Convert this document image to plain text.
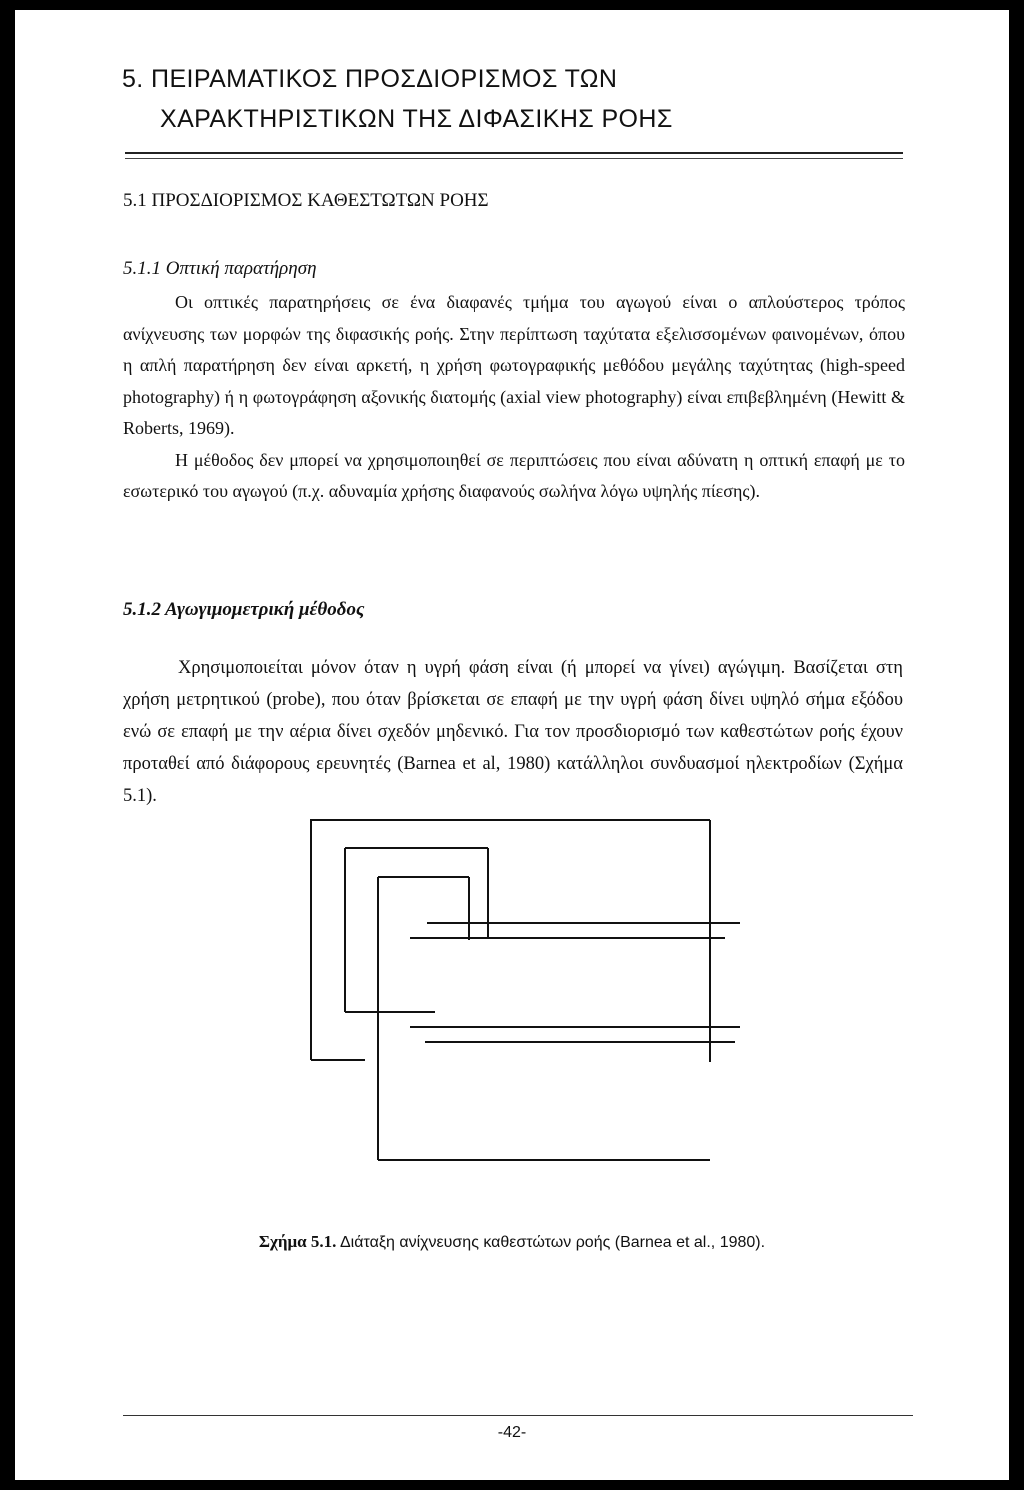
5. ΠΕΙΡΑΜΑΤΙΚΟΣ ΠΡΟΣΔΙΟΡΙΣΜΟΣ ΤΩΝ
ΧΑΡΑΚΤΗΡΙΣΤΙΚΩΝ ΤΗΣ ΔΙΦΑΣΙΚΗΣ ΡΟΗΣ
5.1 ΠΡΟΣΔΙΟΡΙΣΜΟΣ ΚΑΘΕΣΤΩΤΩΝ ΡΟΗΣ
5.1.1 Οπτική παρατήρηση

Οι οπτικές παρατηρήσεις σε ένα διαφανές τμήμα του αγωγού είναι ο απλούστερος τρόπος ανίχνευσης των μορφών της διφασικής ροής. Στην περίπτωση ταχύτατα εξελισσομένων φαινομένων, όπου η απλή παρατήρηση δεν είναι αρκετή, η χρήση φωτογραφικής μεθόδου μεγάλης ταχύτητας (high-speed photography) ή η φωτογράφηση αξονικής διατομής (axial view photography) είναι επιβεβλημένη (Hewitt & Roberts, 1969).

Η μέθοδος δεν μπορεί να χρησιμοποιηθεί σε περιπτώσεις που είναι αδύνατη η οπτική επαφή με το εσωτερικό του αγωγού (π.χ. αδυναμία χρήσης διαφανούς σωλήνα λόγω υψηλής πίεσης).

5.1.2 Αγωγιμομετρική μέθοδος

Χρησιμοποιείται μόνον όταν η υγρή φάση είναι (ή μπορεί να γίνει) αγώγιμη. Βασίζεται στη χρήση μετρητικού (probe), που όταν βρίσκεται σε επαφή με την υγρή φάση δίνει υψηλό σήμα εξόδου ενώ σε επαφή με την αέρια δίνει σχεδόν μηδενικό. Για τον προσδιορισμό των καθεστώτων ροής έχουν προταθεί από διάφορους ερευνητές (Barnea et al, 1980) κατάλληλοι συνδυασμοί ηλεκτροδίων (Σχήμα 5.1).

Σχήμα 5.1. Διάταξη ανίχνευσης καθεστώτων ροής (Barnea et al., 1980).
-42-
